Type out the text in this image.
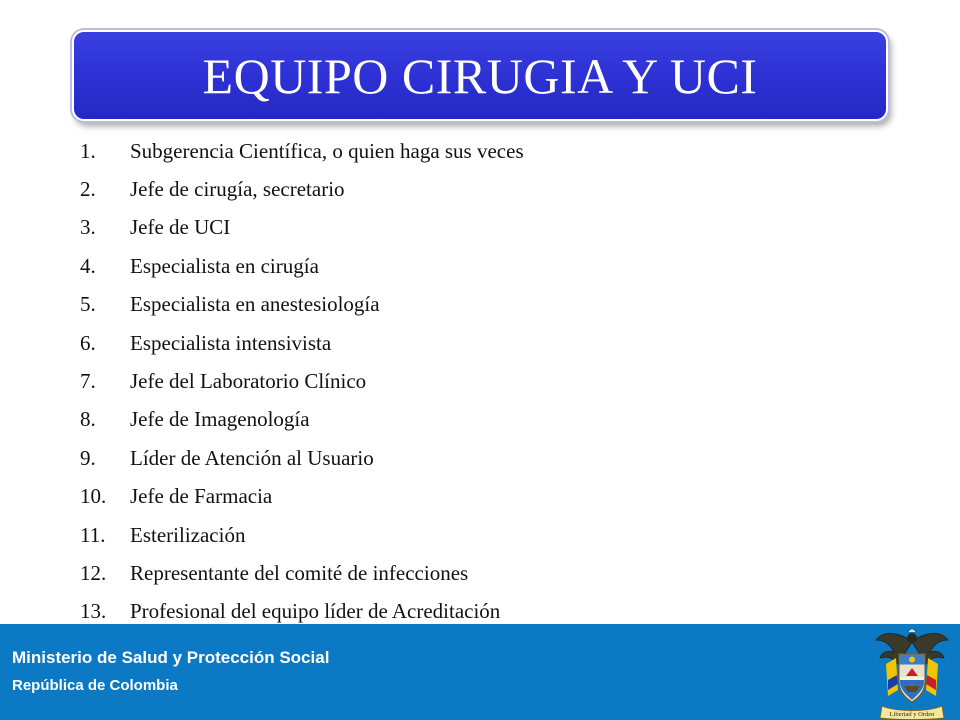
EQUIPO CIRUGIA Y UCI
1.	Subgerencia Científica, o quien haga sus veces
2.	Jefe de cirugía, secretario
3.	Jefe de UCI
4.	Especialista en cirugía
5.	Especialista en anestesiología
6.	Especialista intensivista
7.	Jefe del Laboratorio Clínico
8.	Jefe de Imagenología
9.	Líder de Atención al Usuario
10.	Jefe de Farmacia
11.	Esterilización
12.	Representante del comité de infecciones
13.	Profesional del equipo líder de Acreditación
Ministerio de Salud y Protección Social
República de Colombia
Libertad y Orden
